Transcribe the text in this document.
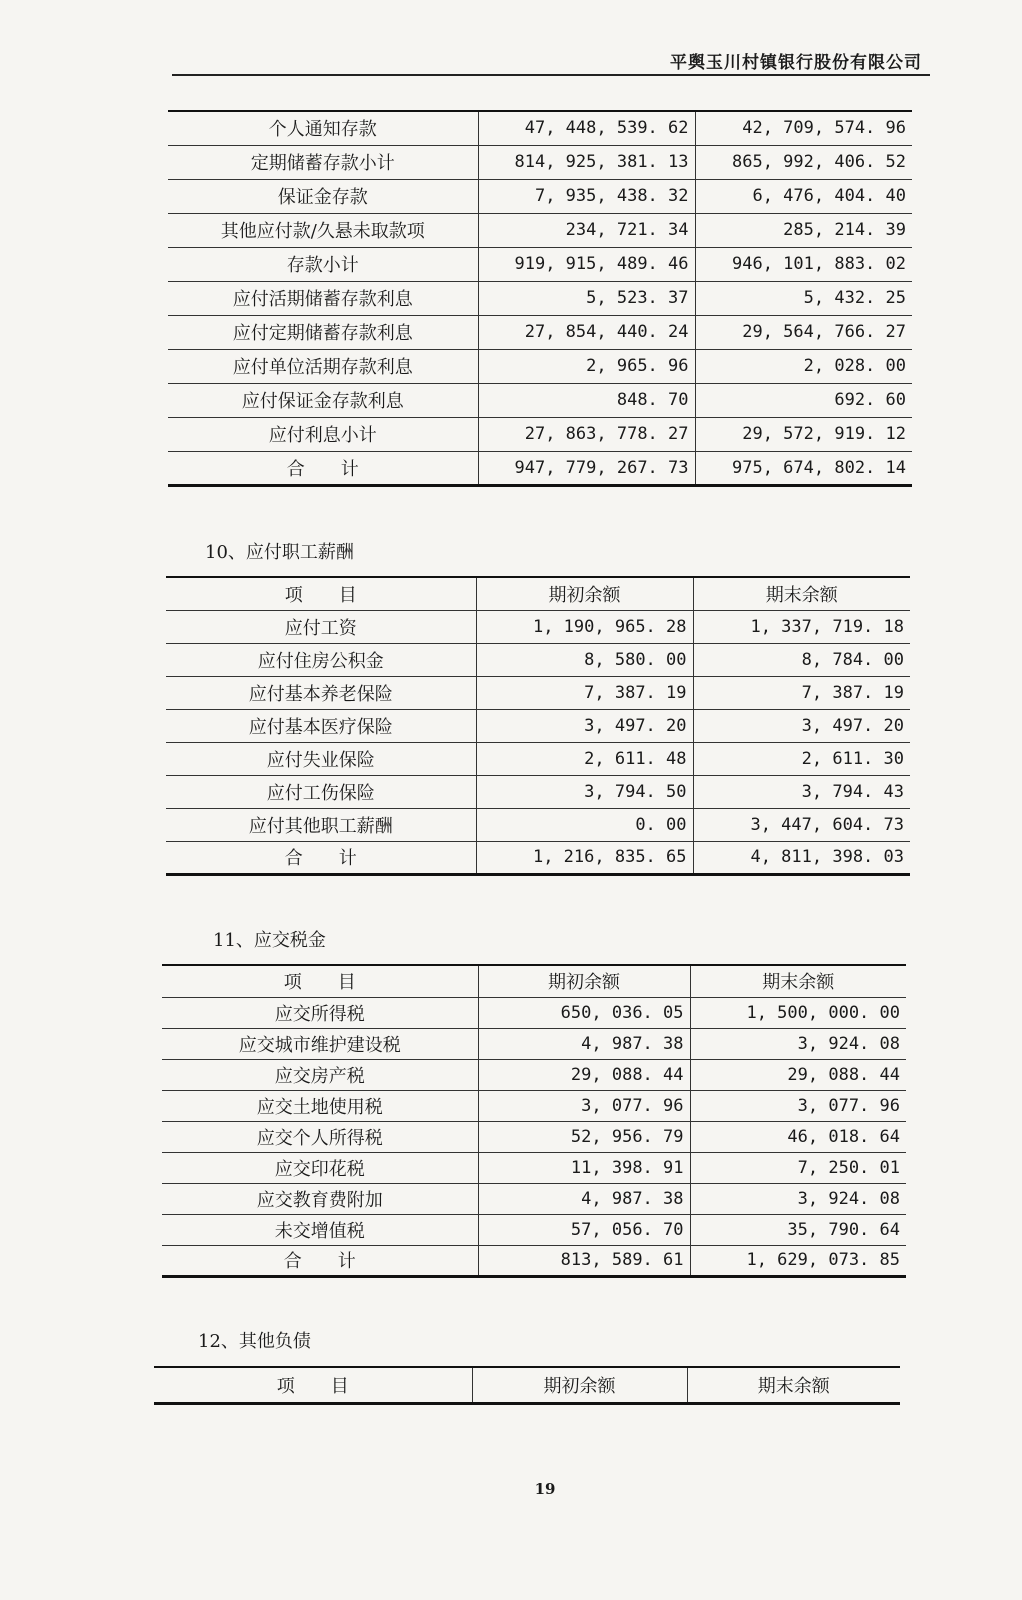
平舆玉川村镇银行股份有限公司
个人通知存款	47, 448, 539. 62	42, 709, 574. 96
定期储蓄存款小计	814, 925, 381. 13	865, 992, 406. 52
保证金存款	7, 935, 438. 32	6, 476, 404. 40
其他应付款/久悬未取款项	234, 721. 34	285, 214. 39
存款小计	919, 915, 489. 46	946, 101, 883. 02
应付活期储蓄存款利息	5, 523. 37	5, 432. 25
应付定期储蓄存款利息	27, 854, 440. 24	29, 564, 766. 27
应付单位活期存款利息	2, 965. 96	2, 028. 00
应付保证金存款利息	848. 70	692. 60
应付利息小计	27, 863, 778. 27	29, 572, 919. 12
合　　计	947, 779, 267. 73	975, 674, 802. 14
10、应付职工薪酬
项　　目	期初余额	期末余额
应付工资	1, 190, 965. 28	1, 337, 719. 18
应付住房公积金	8, 580. 00	8, 784. 00
应付基本养老保险	7, 387. 19	7, 387. 19
应付基本医疗保险	3, 497. 20	3, 497. 20
应付失业保险	2, 611. 48	2, 611. 30
应付工伤保险	3, 794. 50	3, 794. 43
应付其他职工薪酬	0. 00	3, 447, 604. 73
合　　计	1, 216, 835. 65	4, 811, 398. 03
11、应交税金
项　　目	期初余额	期末余额
应交所得税	650, 036. 05	1, 500, 000. 00
应交城市维护建设税	4, 987. 38	3, 924. 08
应交房产税	29, 088. 44	29, 088. 44
应交土地使用税	3, 077. 96	3, 077. 96
应交个人所得税	52, 956. 79	46, 018. 64
应交印花税	11, 398. 91	7, 250. 01
应交教育费附加	4, 987. 38	3, 924. 08
未交增值税	57, 056. 70	35, 790. 64
合　　计	813, 589. 61	1, 629, 073. 85
12、其他负债
项　　目	期初余额	期末余额
19
